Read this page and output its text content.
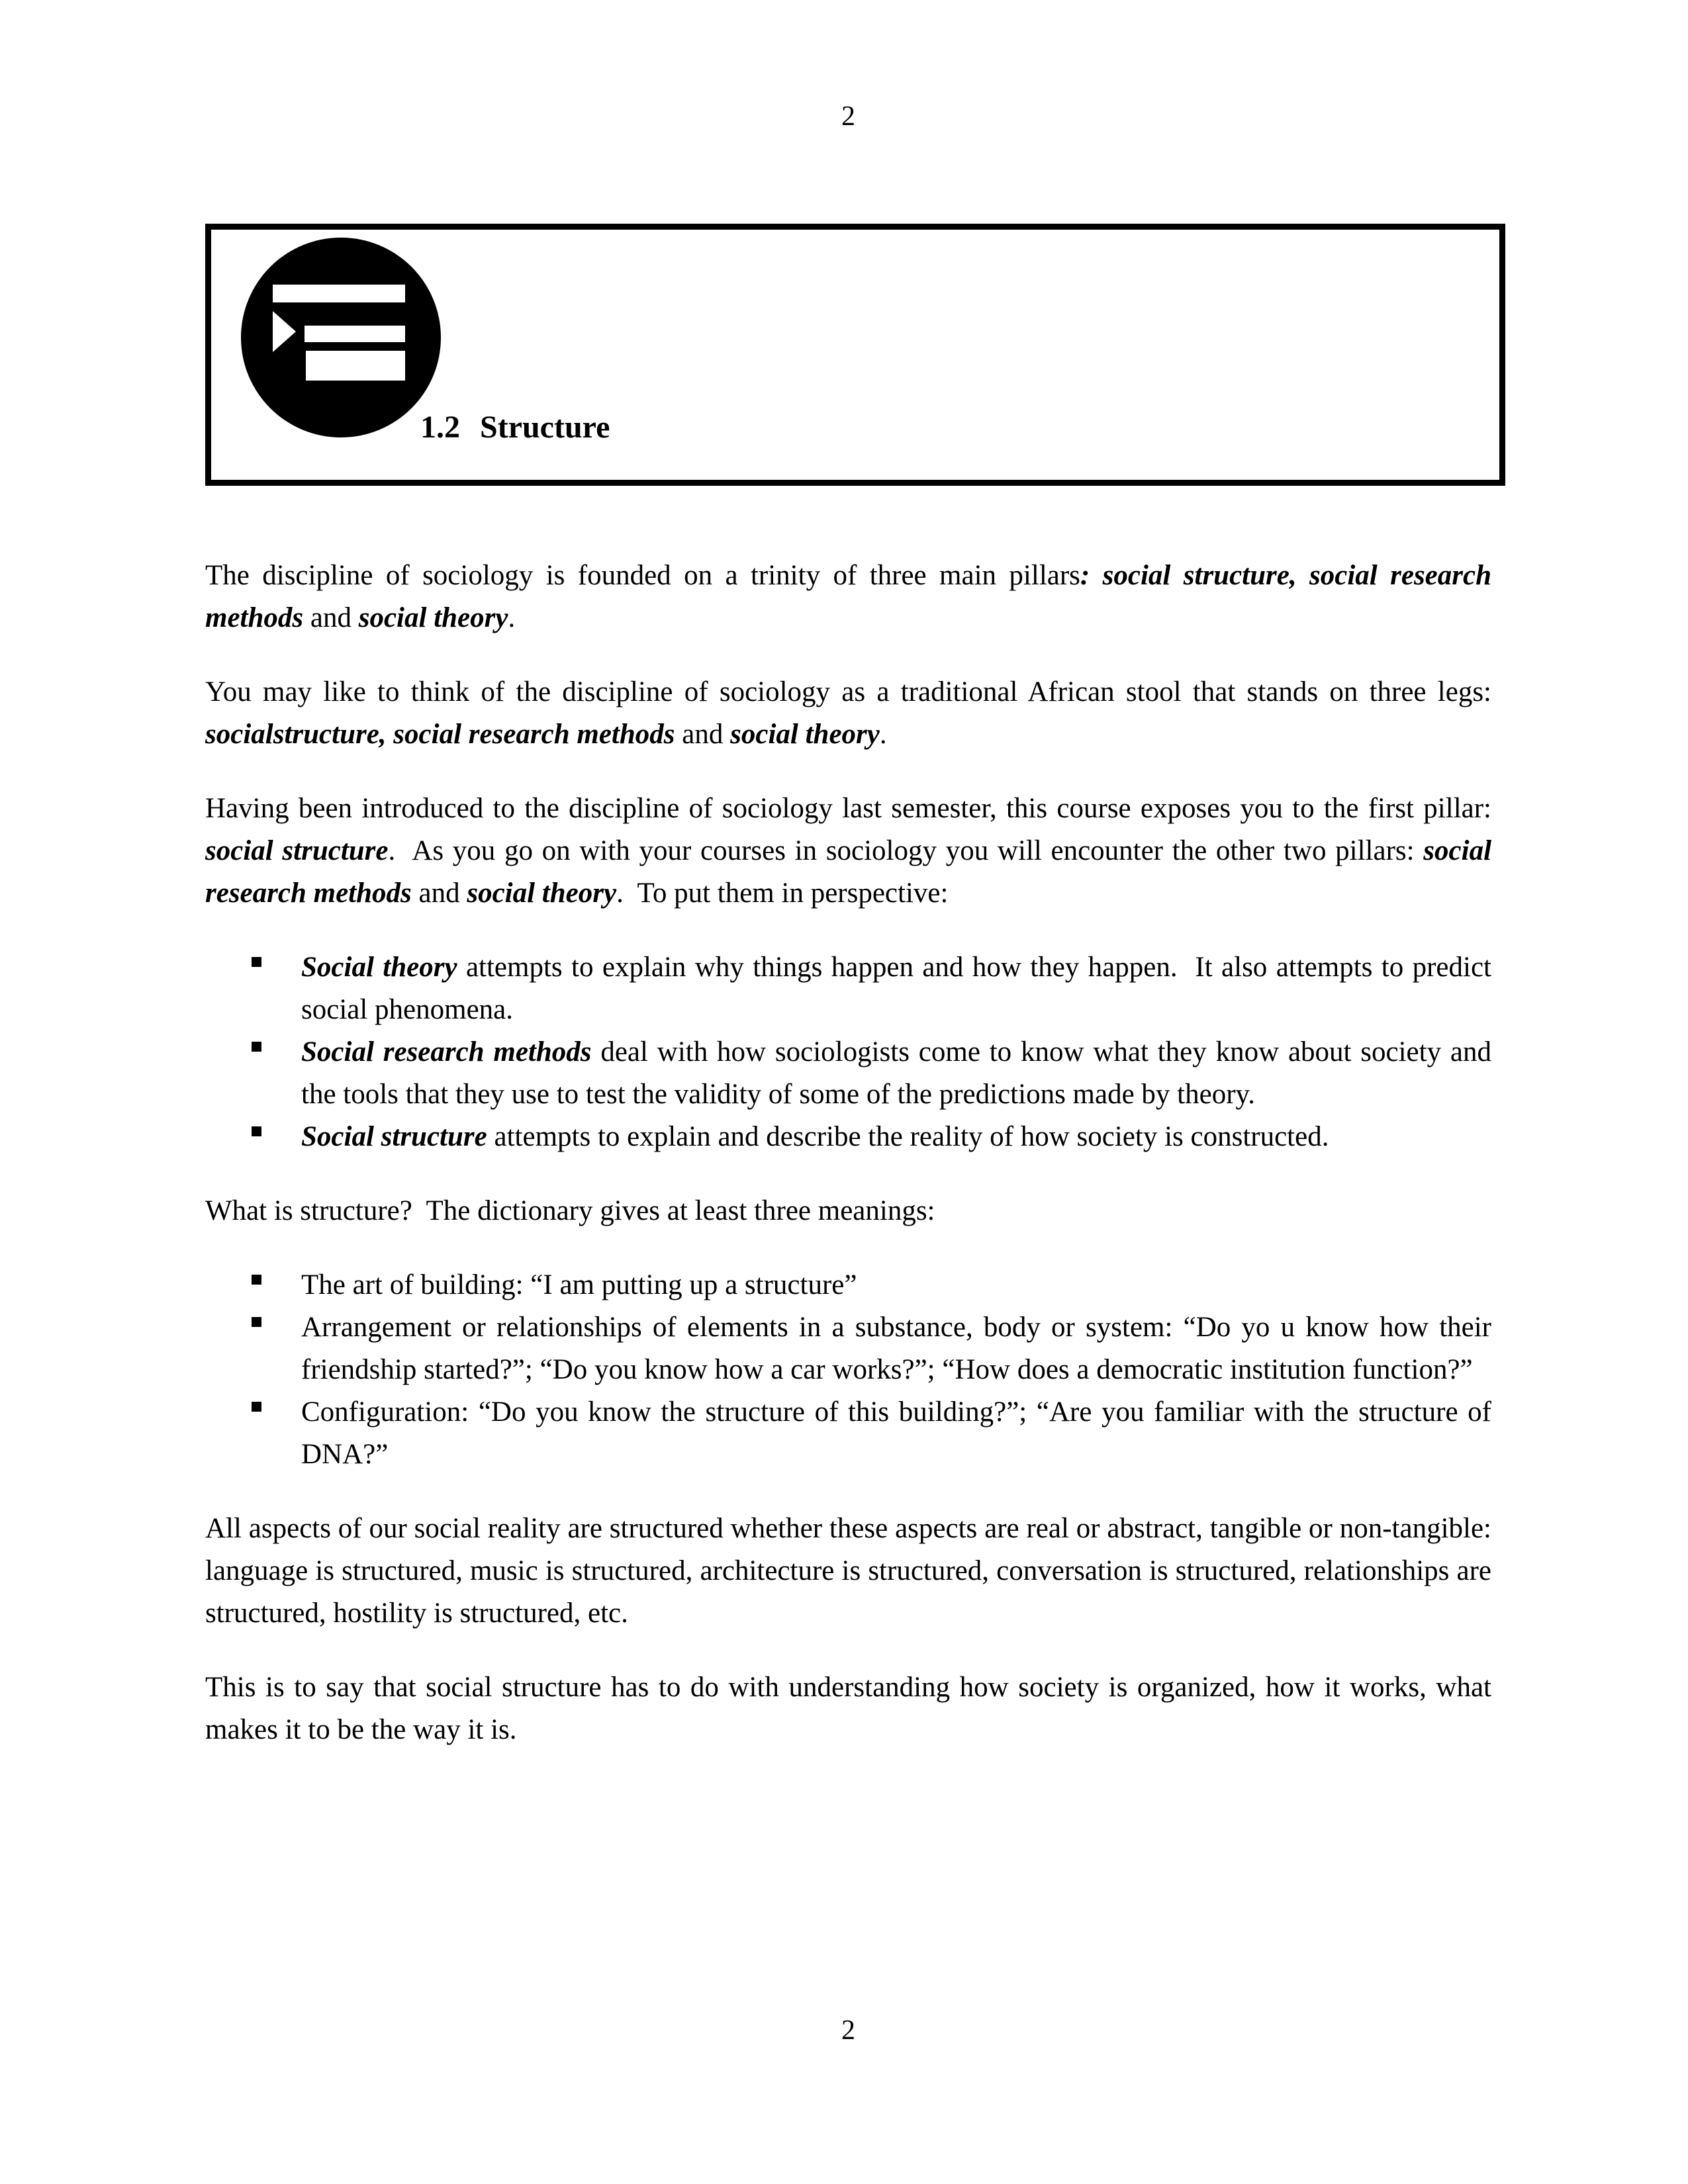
2
1.2 Structure

The discipline of sociology is founded on a trinity of three main pillars: social structure, social research methods and social theory.

You may like to think of the discipline of sociology as a traditional African stool that stands on three legs: socialstructure, social research methods and social theory.

Having been introduced to the discipline of sociology last semester, this course exposes you to the first pillar: social structure.  As you go on with your courses in sociology you will encounter the other two pillars: social research methods and social theory.  To put them in perspective:

Social theory attempts to explain why things happen and how they happen.  It also attempts to predict social phenomena.
Social research methods deal with how sociologists come to know what they know about society and the tools that they use to test the validity of some of the predictions made by theory.
Social structure attempts to explain and describe the reality of how society is constructed.

What is structure?  The dictionary gives at least three meanings:

The art of building: “I am putting up a structure”
Arrangement or relationships of elements in a substance, body or system: “Do yo u know how their friendship started?”; “Do you know how a car works?”; “How does a democratic institution function?”
Configuration: “Do you know the structure of this building?”; “Are you familiar with the structure of DNA?”

All aspects of our social reality are structured whether these aspects are real or abstract, tangible or non-tangible: language is structured, music is structured, architecture is structured, conversation is structured, relationships are structured, hostility is structured, etc.

This is to say that social structure has to do with understanding how society is organized, how it works, what makes it to be the way it is.

2
